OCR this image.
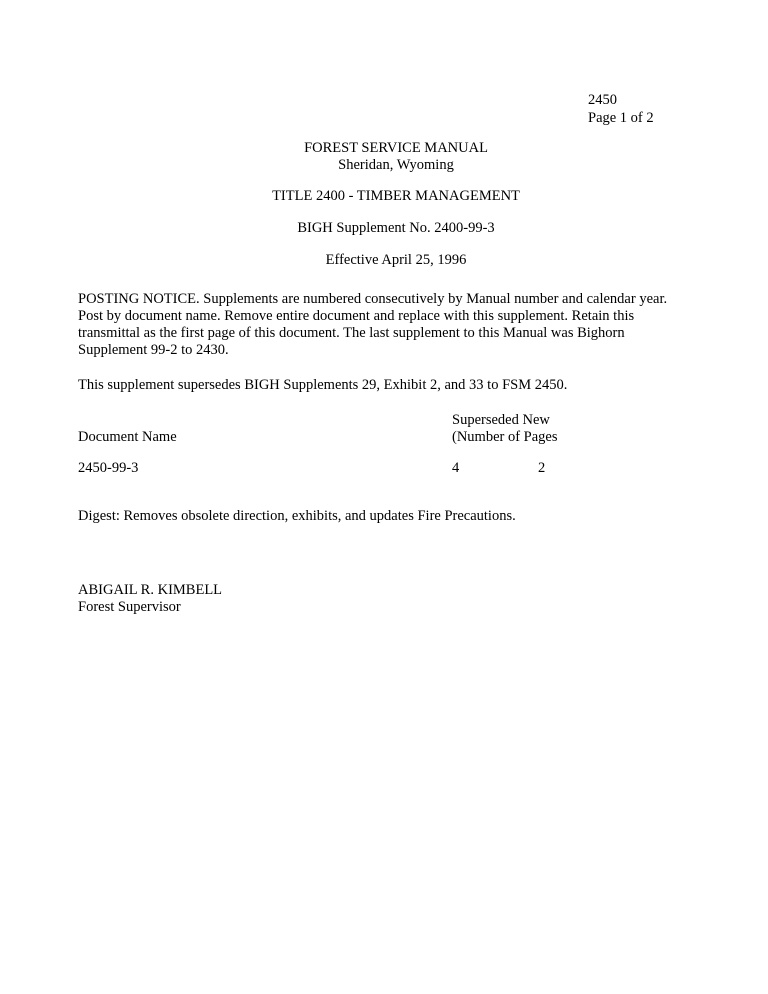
2450
Page 1 of 2
FOREST SERVICE MANUAL
Sheridan, Wyoming
TITLE 2400 - TIMBER MANAGEMENT
BIGH Supplement No. 2400-99-3
Effective April 25, 1996
POSTING NOTICE. Supplements are numbered consecutively by Manual number and calendar year. Post by document name. Remove entire document and replace with this supplement. Retain this transmittal as the first page of this document. The last supplement to this Manual was Bighorn Supplement 99-2 to 2430.
This supplement supersedes BIGH Supplements 29, Exhibit 2, and 33 to FSM 2450.
Superseded New
(Number of Pages
Document Name
2450-99-3	4	2
Digest: Removes obsolete direction, exhibits, and updates Fire Precautions.
ABIGAIL R. KIMBELL
Forest Supervisor
